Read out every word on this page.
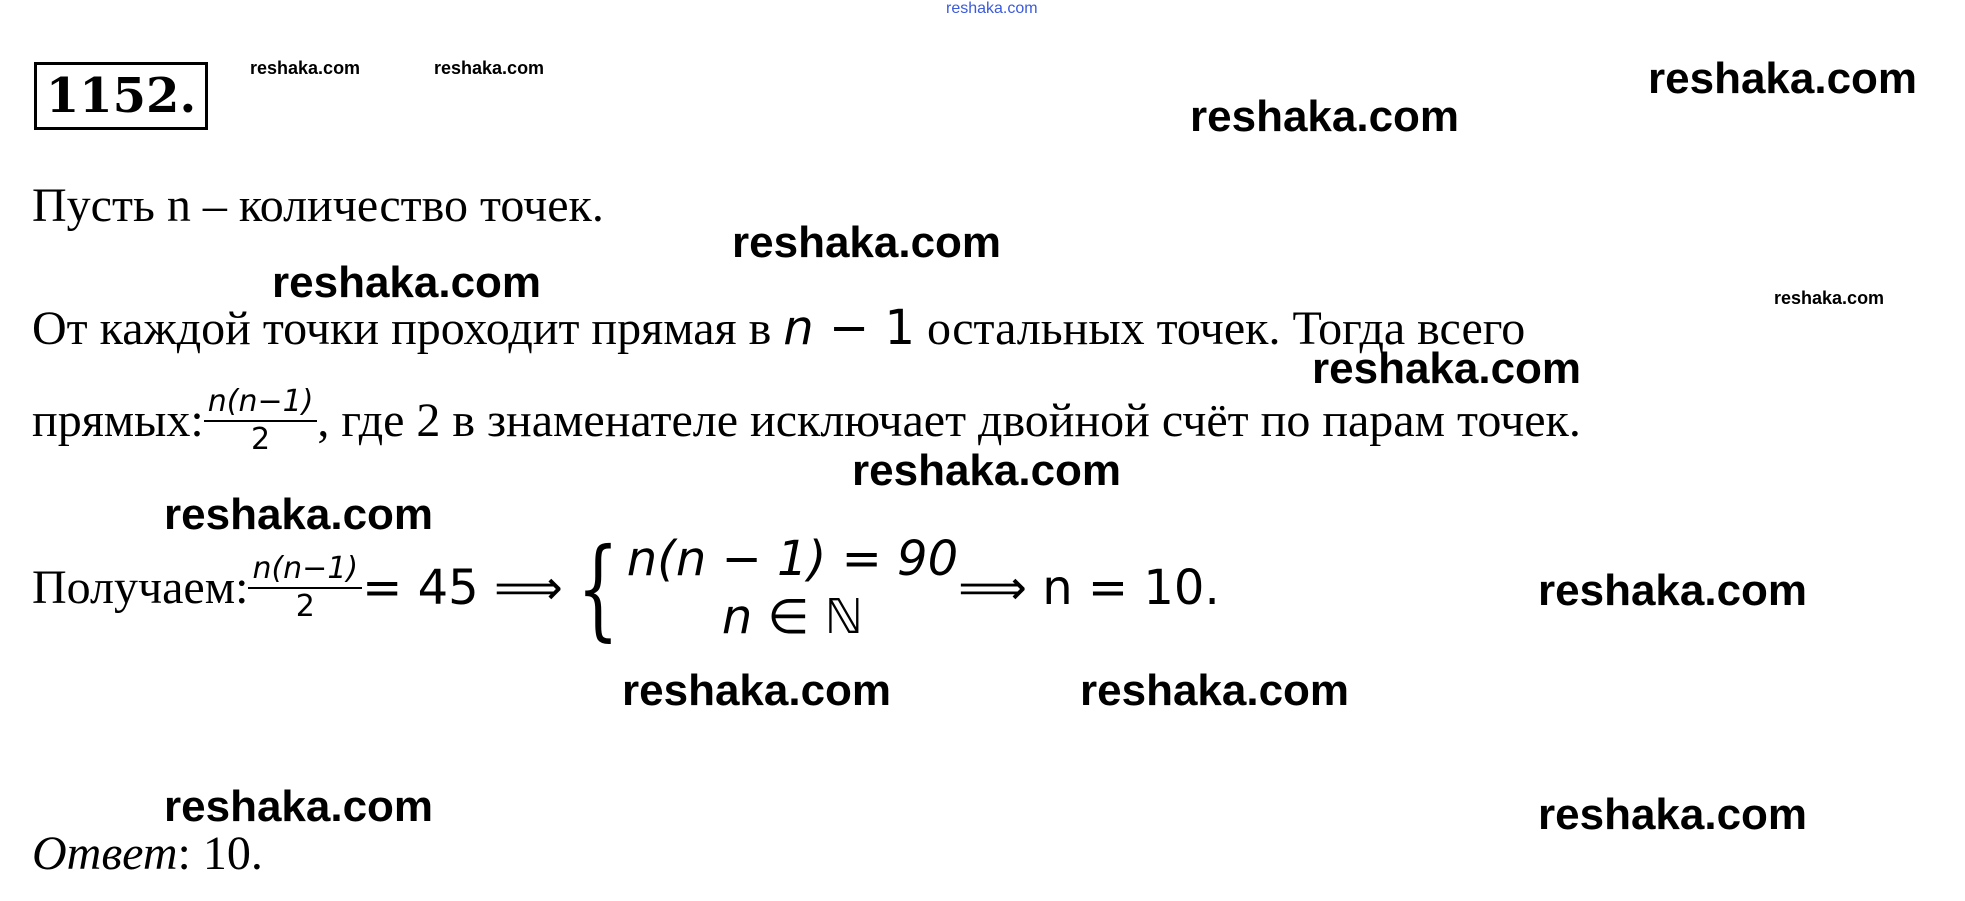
reshaka.com
1152.	reshaka.com	reshaka.com	reshaka.com
reshaka.com
Пусть n – количество точек.
reshaka.com
reshaka.com	reshaka.com
От каждой точки проходит прямая в n − 1 остальных точек. Тогда всего
reshaka.com
прямых: $\frac{n(n-1)}{2}$ , где 2 в знаменателе исключает двойной счёт по парам точек.
reshaka.com
reshaka.com
Получаем: $\frac{n(n-1)}{2} = 45$ ⟹ { n(n − 1) = 90
n ∈ ℕ
⟹ n = 10.	reshaka.com
reshaka.com	reshaka.com
reshaka.com	reshaka.com
Ответ: 10.
